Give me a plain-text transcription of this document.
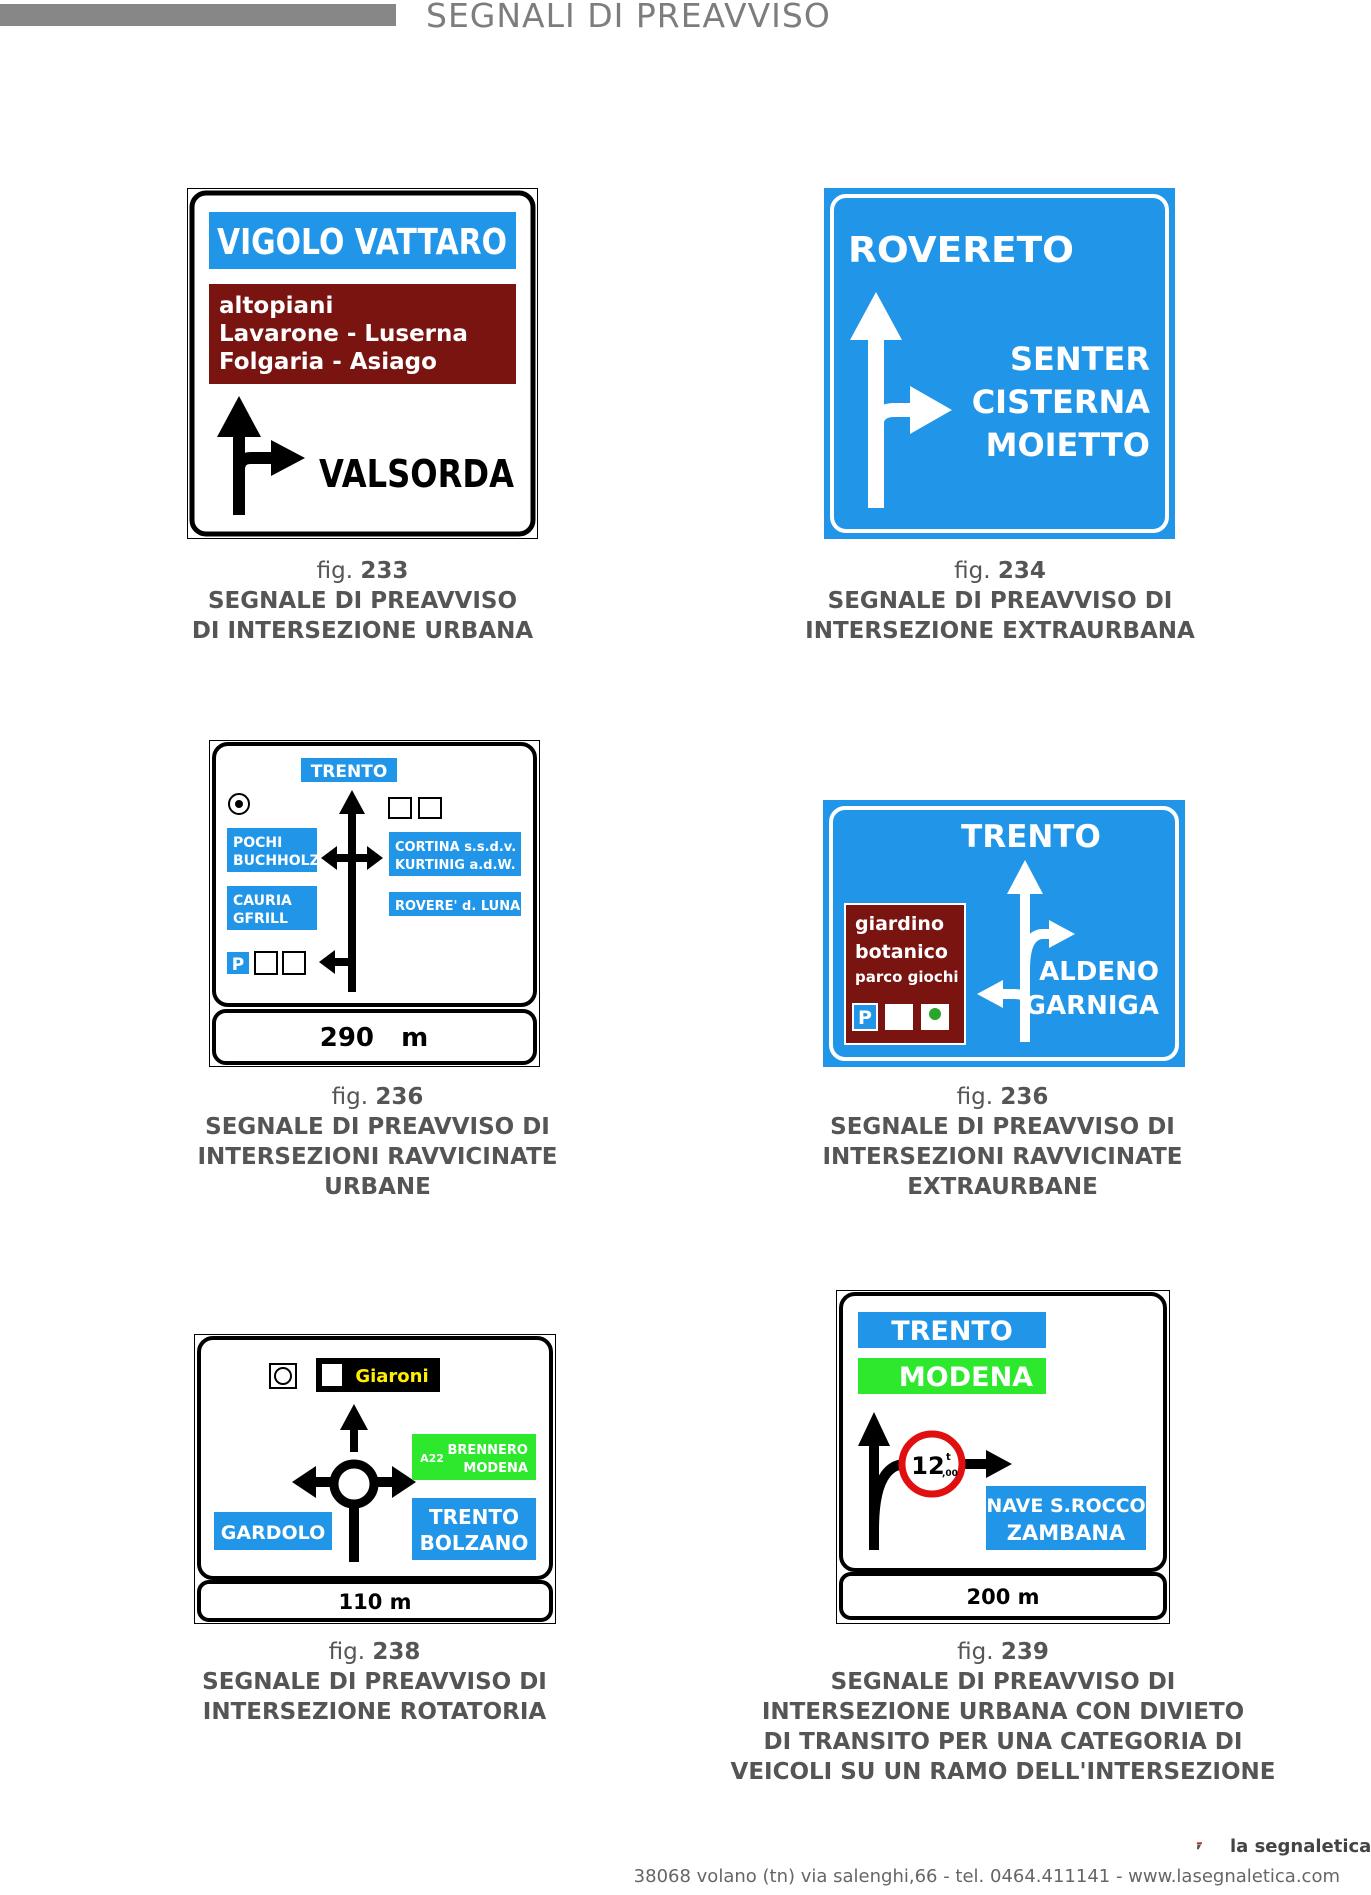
SEGNALI DI PREAVVISO
VIGOLO VATTARO
altopiani
Lavarone - Luserna
Folgaria - Asiago
VALSORDA
fig. 233
SEGNALE DI PREAVVISO
DI INTERSEZIONE URBANA
ROVERETO
SENTER
CISTERNA
MOIETTO
fig. 234
SEGNALE DI PREAVVISO DI
INTERSEZIONE EXTRAURBANA
TRENTO
POCHI
BUCHHOLZ
CAURIA
GFRILL
CORTINA s.s.d.v.
KURTINIG a.d.W.
ROVERE' d. LUNA
P
290   m
fig. 236
SEGNALE DI PREAVVISO DI
INTERSEZIONI RAVVICINATE
URBANE
TRENTO
giardino
botanico
parco giochi
P
ALDENO
GARNIGA
fig. 236
SEGNALE DI PREAVVISO DI
INTERSEZIONI RAVVICINATE
EXTRAURBANE
Giaroni
A22
BRENNERO
MODENA
GARDOLO
TRENTO
BOLZANO
110 m
fig. 238
SEGNALE DI PREAVVISO DI
INTERSEZIONE ROTATORIA
TRENTO
MODENA
12 t
,00
NAVE S.ROCCO
ZAMBANA
200 m
fig. 239
SEGNALE DI PREAVVISO DI
INTERSEZIONE URBANA CON DIVIETO
DI TRANSITO PER UNA CATEGORIA DI
VEICOLI SU UN RAMO DELL'INTERSEZIONE
la segnaletica
38068 volano (tn) via salenghi,66 - tel. 0464.411141 - www.lasegnaletica.com
